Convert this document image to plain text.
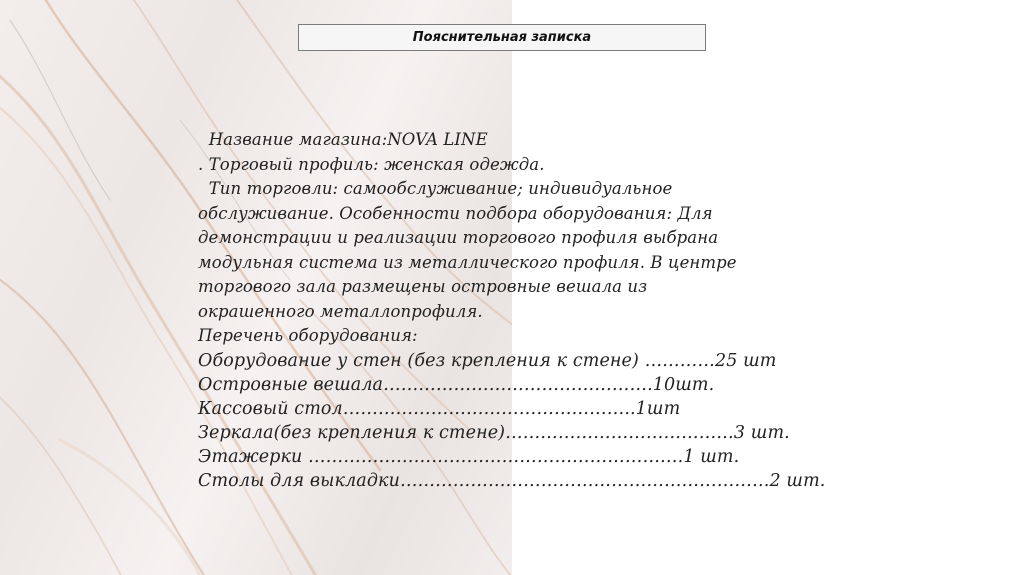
Пояснительная записка
Название магазина:NOVA LINE
. Торговый профиль: женская одежда.
Тип торговли: самообслуживание; индивидуальное
обслуживание. Особенности подбора оборудования: Для
демонстрации и реализации торгового профиля выбрана
модульная система из металлического профиля. В центре
торгового зала размещены островные вешала из
окрашенного металлопрофиля.
Перечень оборудования:
Оборудование у стен (без крепления к стене) …………25 шт
Островные вешала……………………………………….10шт.
Кассовый стол…………………………………………..1шт
Зеркала(без крепления к стене)…………………………………3 шт.
Этажерки ……………………………………………………….1 шт.
Столы для выкладки………………………………………………………2 шт.
